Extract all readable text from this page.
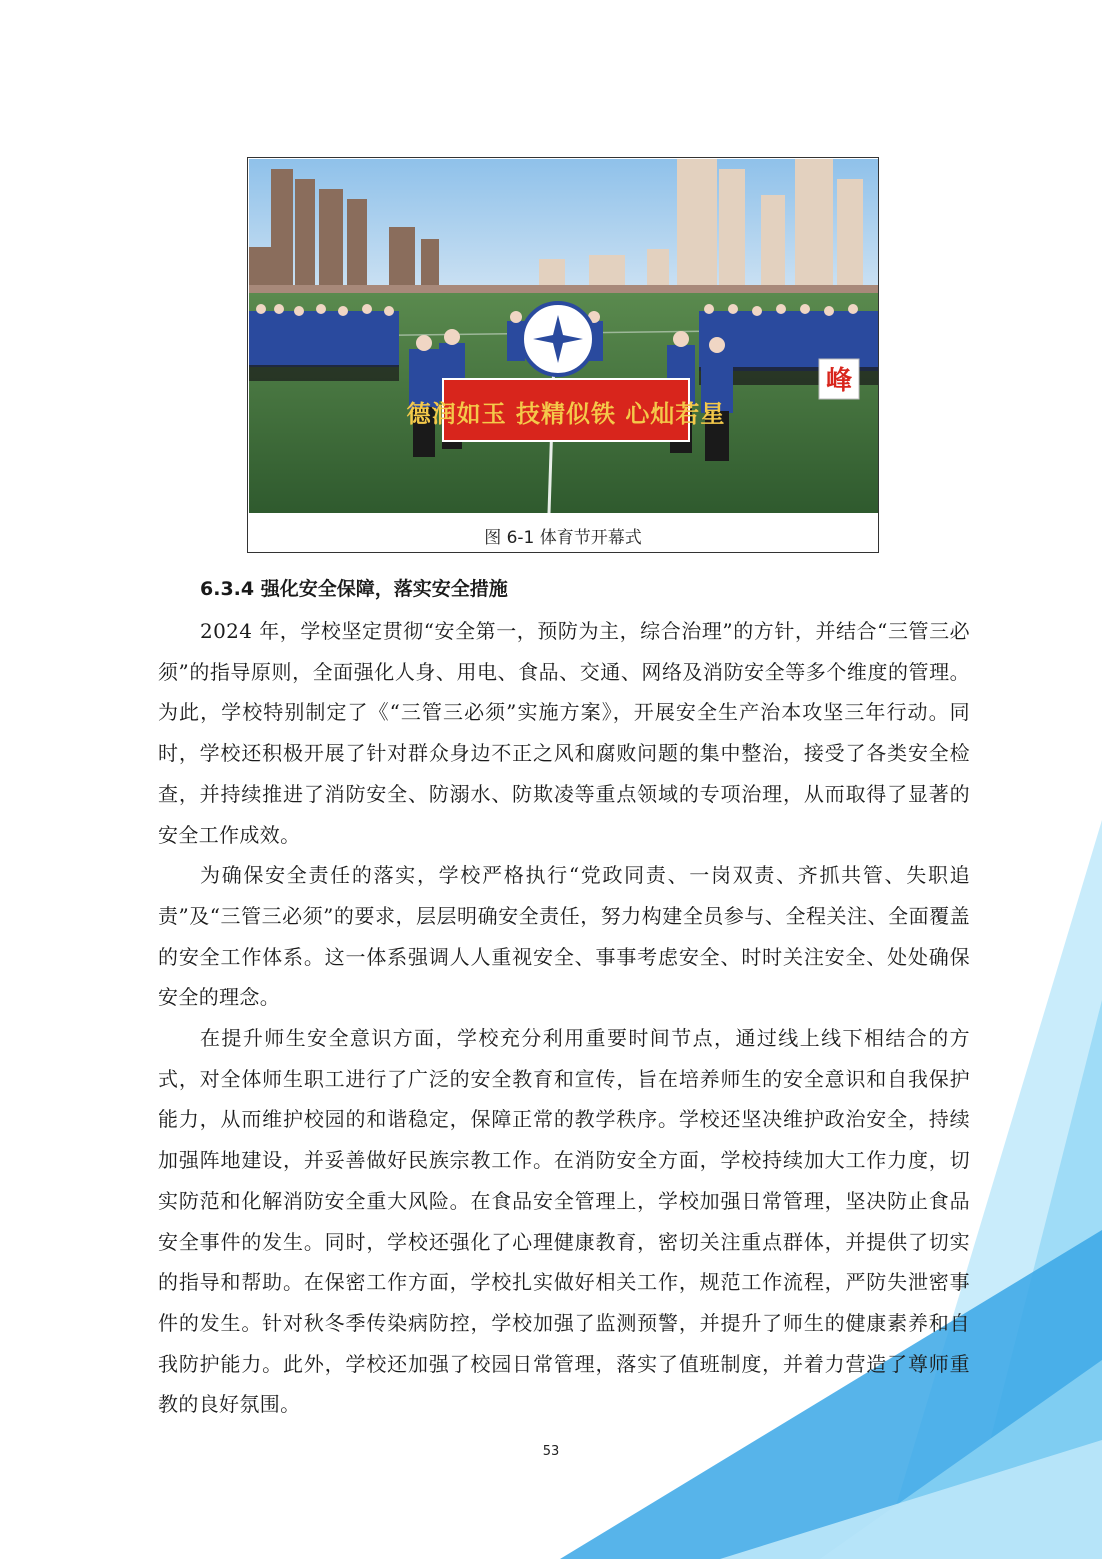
德润如玉 技精似铁 心灿若星
峰
图 6-1 体育节开幕式
6.3.4 强化安全保障，落实安全措施

2024 年，学校坚定贯彻“安全第一，预防为主，综合治理”的方针，并结合“三管三必须”的指导原则，全面强化人身、用电、食品、交通、网络及消防安全等多个维度的管理。为此，学校特别制定了《“三管三必须”实施方案》，开展安全生产治本攻坚三年行动。同时，学校还积极开展了针对群众身边不正之风和腐败问题的集中整治，接受了各类安全检查，并持续推进了消防安全、防溺水、防欺凌等重点领域的专项治理，从而取得了显著的安全工作成效。

为确保安全责任的落实，学校严格执行“党政同责、一岗双责、齐抓共管、失职追责”及“三管三必须”的要求，层层明确安全责任，努力构建全员参与、全程关注、全面覆盖的安全工作体系。这一体系强调人人重视安全、事事考虑安全、时时关注安全、处处确保安全的理念。

在提升师生安全意识方面，学校充分利用重要时间节点，通过线上线下相结合的方式，对全体师生职工进行了广泛的安全教育和宣传，旨在培养师生的安全意识和自我保护能力，从而维护校园的和谐稳定，保障正常的教学秩序。学校还坚决维护政治安全，持续加强阵地建设，并妥善做好民族宗教工作。在消防安全方面，学校持续加大工作力度，切实防范和化解消防安全重大风险。在食品安全管理上，学校加强日常管理，坚决防止食品安全事件的发生。同时，学校还强化了心理健康教育，密切关注重点群体，并提供了切实的指导和帮助。在保密工作方面，学校扎实做好相关工作，规范工作流程，严防失泄密事件的发生。针对秋冬季传染病防控，学校加强了监测预警，并提升了师生的健康素养和自我防护能力。此外，学校还加强了校园日常管理，落实了值班制度，并着力营造了尊师重教的良好氛围。

53
